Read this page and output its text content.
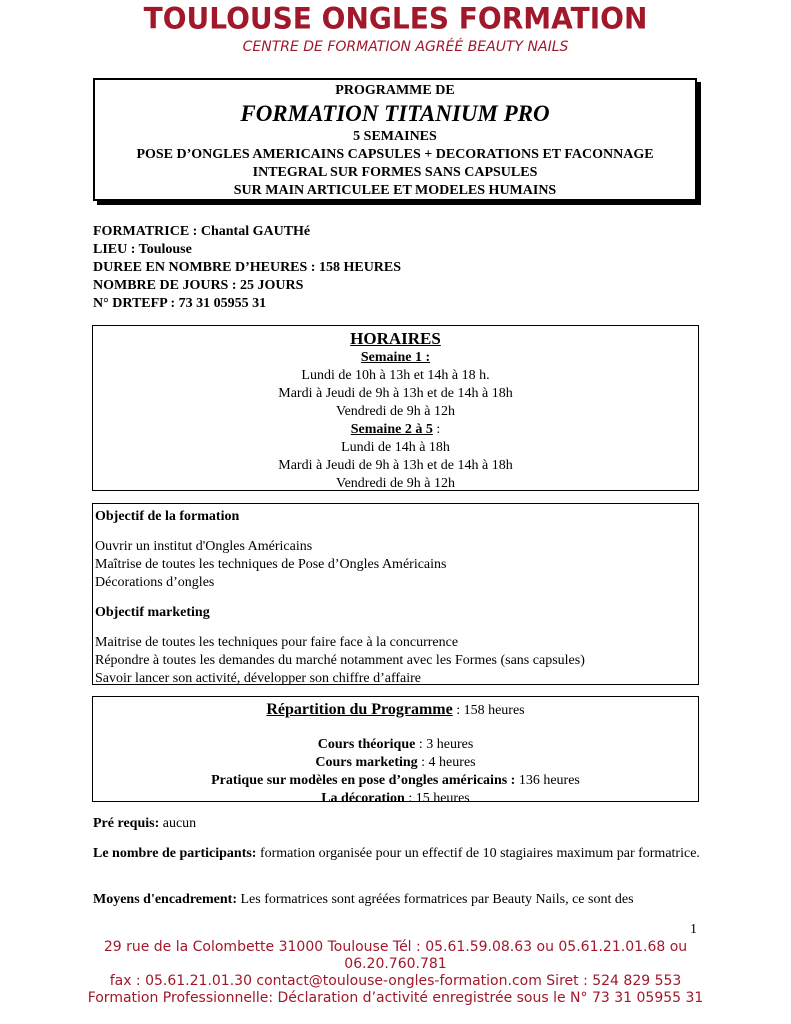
TOULOUSE ONGLES FORMATION
CENTRE DE FORMATION AGRÉÉ BEAUTY NAILS
PROGRAMME DE
FORMATION TITANIUM PRO
5 SEMAINES
POSE D’ONGLES AMERICAINS CAPSULES + DECORATIONS ET FACONNAGE
INTEGRAL SUR FORMES SANS CAPSULES
SUR MAIN ARTICULEE ET MODELES HUMAINS
FORMATRICE : Chantal GAUTHé
LIEU : Toulouse
DUREE EN NOMBRE D’HEURES : 158 HEURES
NOMBRE DE JOURS : 25 JOURS
N° DRTEFP : 73 31 05955 31
HORAIRES
Semaine 1 :
Lundi de 10h à 13h et 14h à 18 h.
Mardi à Jeudi de 9h à 13h et de 14h à 18h
Vendredi de 9h à 12h
Semaine 2 à 5 :
Lundi de 14h à 18h
Mardi à Jeudi de 9h à 13h et de 14h à 18h
Vendredi de 9h à 12h
Objectif de la formation
Ouvrir un institut d'Ongles Américains
Maîtrise de toutes les techniques de Pose d’Ongles Américains
Décorations d’ongles
Objectif marketing
Maitrise de toutes les techniques pour faire face à la concurrence
Répondre à toutes les demandes du marché notamment avec les Formes (sans capsules)
Savoir lancer son activité, développer son chiffre d’affaire
Répartition du Programme : 158 heures
Cours théorique : 3 heures
Cours marketing : 4 heures
Pratique sur modèles en pose d’ongles américains : 136 heures
La décoration : 15 heures
Pré requis: aucun
Le nombre de participants: formation organisée pour un effectif de 10 stagiaires maximum par formatrice.
Moyens d'encadrement: Les formatrices sont agréées formatrices par Beauty Nails, ce sont des
1
29 rue de la Colombette 31000 Toulouse Tél : 05.61.59.08.63 ou 05.61.21.01.68 ou
06.20.760.781
fax : 05.61.21.01.30 contact@toulouse-ongles-formation.com Siret : 524 829 553
Formation Professionnelle: Déclaration d’activité enregistrée sous le N° 73 31 05955 31
